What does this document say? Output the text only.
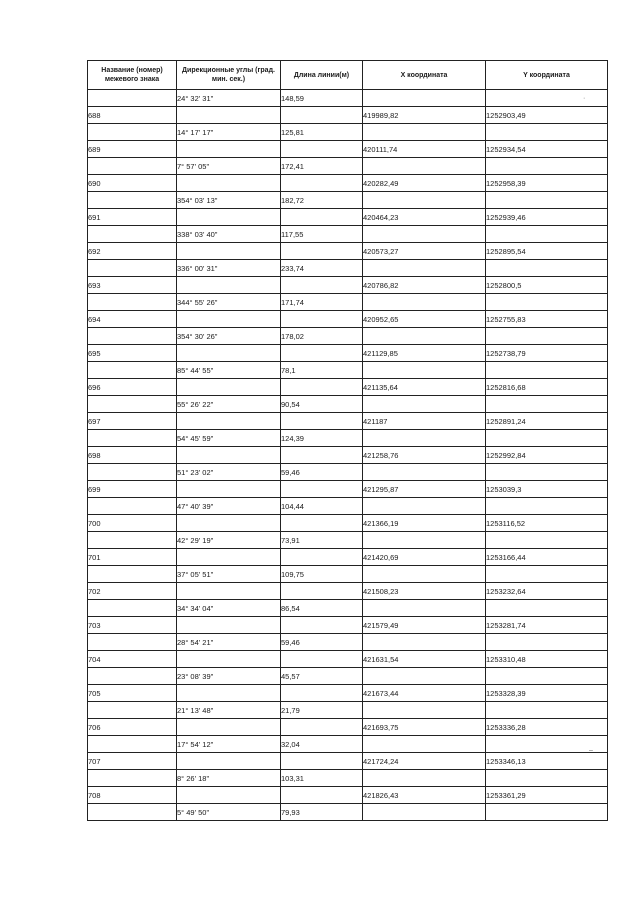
Название (номер) межевого знака	Дирекционные углы (град. мин. сек.)	Длина линии(м)	X координата	Y координата
	24° 32' 31"	148,59		
688			419989,82	1252903,49
	14° 17' 17"	125,81		
689			420111,74	1252934,54
	7° 57' 05"	172,41		
690			420282,49	1252958,39
	354° 03' 13"	182,72		
691			420464,23	1252939,46
	338° 03' 40"	117,55		
692			420573,27	1252895,54
	336° 00' 31"	233,74		
693			420786,82	1252800,5
	344° 55' 26"	171,74		
694			420952,65	1252755,83
	354° 30' 26"	178,02		
695			421129,85	1252738,79
	85° 44' 55"	78,1		
696			421135,64	1252816,68
	55° 26' 22"	90,54		
697			421187	1252891,24
	54° 45' 59"	124,39		
698			421258,76	1252992,84
	51° 23' 02"	59,46		
699			421295,87	1253039,3
	47° 40' 39"	104,44		
700			421366,19	1253116,52
	42° 29' 19"	73,91		
701			421420,69	1253166,44
	37° 05' 51"	109,75		
702			421508,23	1253232,64
	34° 34' 04"	86,54		
703			421579,49	1253281,74
	28° 54' 21"	59,46		
704			421631,54	1253310,48
	23° 08' 39"	45,57		
705			421673,44	1253328,39
	21° 13' 48"	21,79		
706			421693,75	1253336,28
	17° 54' 12"	32,04		
707			421724,24	1253346,13
	8° 26' 18"	103,31		
708			421826,43	1253361,29
	5° 49' 50"	79,93		
·
‒
